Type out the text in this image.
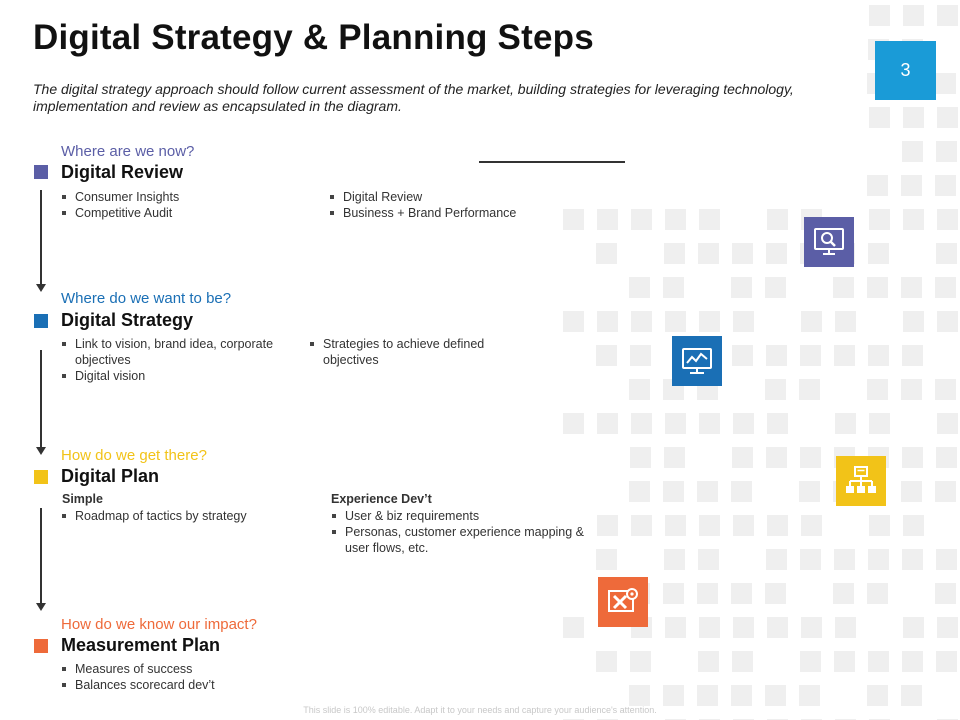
Digital Strategy & Planning Steps
The digital strategy approach should follow current assessment of the market, building strategies for leveraging technology, implementation and review as encapsulated in the diagram.
3
Where are we now?
Digital Review
Consumer Insights
Competitive Audit
Digital Review
Business + Brand Performance
Where do we want to be?
Digital Strategy
Link to vision, brand idea, corporate objectives
Digital vision
Strategies to achieve defined objectives
How do we get there?
Digital Plan
Simple
Roadmap of tactics by strategy
Experience Dev’t
User & biz requirements
Personas, customer experience mapping & user flows, etc.
How do we know our impact?
Measurement Plan
Measures of success
Balances scorecard dev’t
This slide is 100% editable. Adapt it to your needs and capture your audience's attention.
